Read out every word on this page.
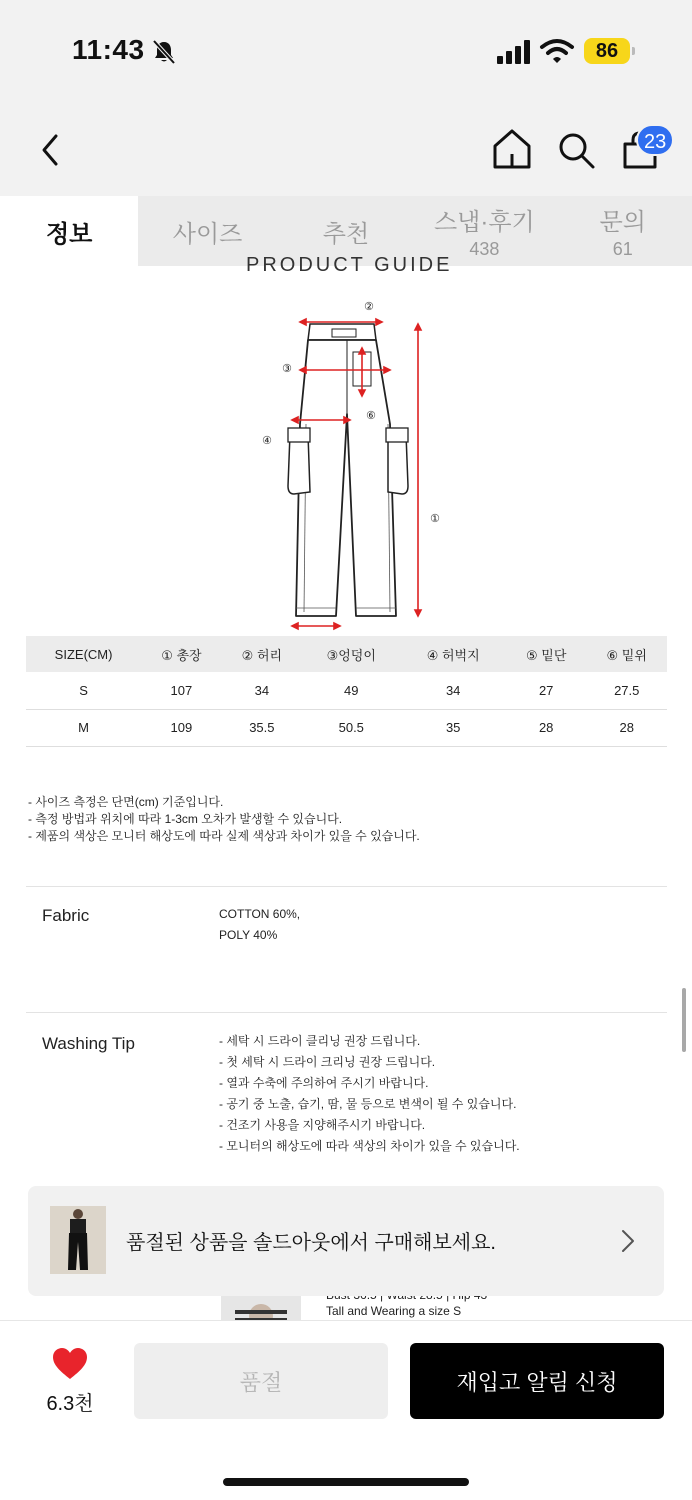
11:43	86
23
정보	사이즈	추천	스냅·후기
438
문의
61
PRODUCT GUIDE
②
③
④
⑥
①
SIZE(CM)	① 총장	② 허리	③엉덩이	④ 허벅지	⑤ 밑단	⑥ 밑위
S	107	34	49	34	27	27.5
M	109	35.5	50.5	35	28	28
- 사이즈 측정은 단면(cm) 기준입니다.
- 측정 방법과 위치에 따라 1-3cm 오차가 발생할 수 있습니다.
- 제품의 색상은 모니터 해상도에 따라 실제 색상과 차이가 있을 수 있습니다.
Fabric	COTTON 60%,
POLY 40%
Washing Tip	- 세탁 시 드라이 클리닝 권장 드립니다.
- 첫 세탁 시 드라이 크리닝 권장 드립니다.
- 열과 수축에 주의하여 주시기 바랍니다.
- 공기 중 노출, 습기, 땀, 물 등으로 변색이 될 수 있습니다.
- 건조기 사용을 지양해주시기 바랍니다.
- 모니터의 해상도에 따라 색상의 차이가 있을 수 있습니다.
Tall and Wearing a size S
품절된 상품을 솔드아웃에서 구매해보세요.
6.3천
품절	재입고 알림 신청
